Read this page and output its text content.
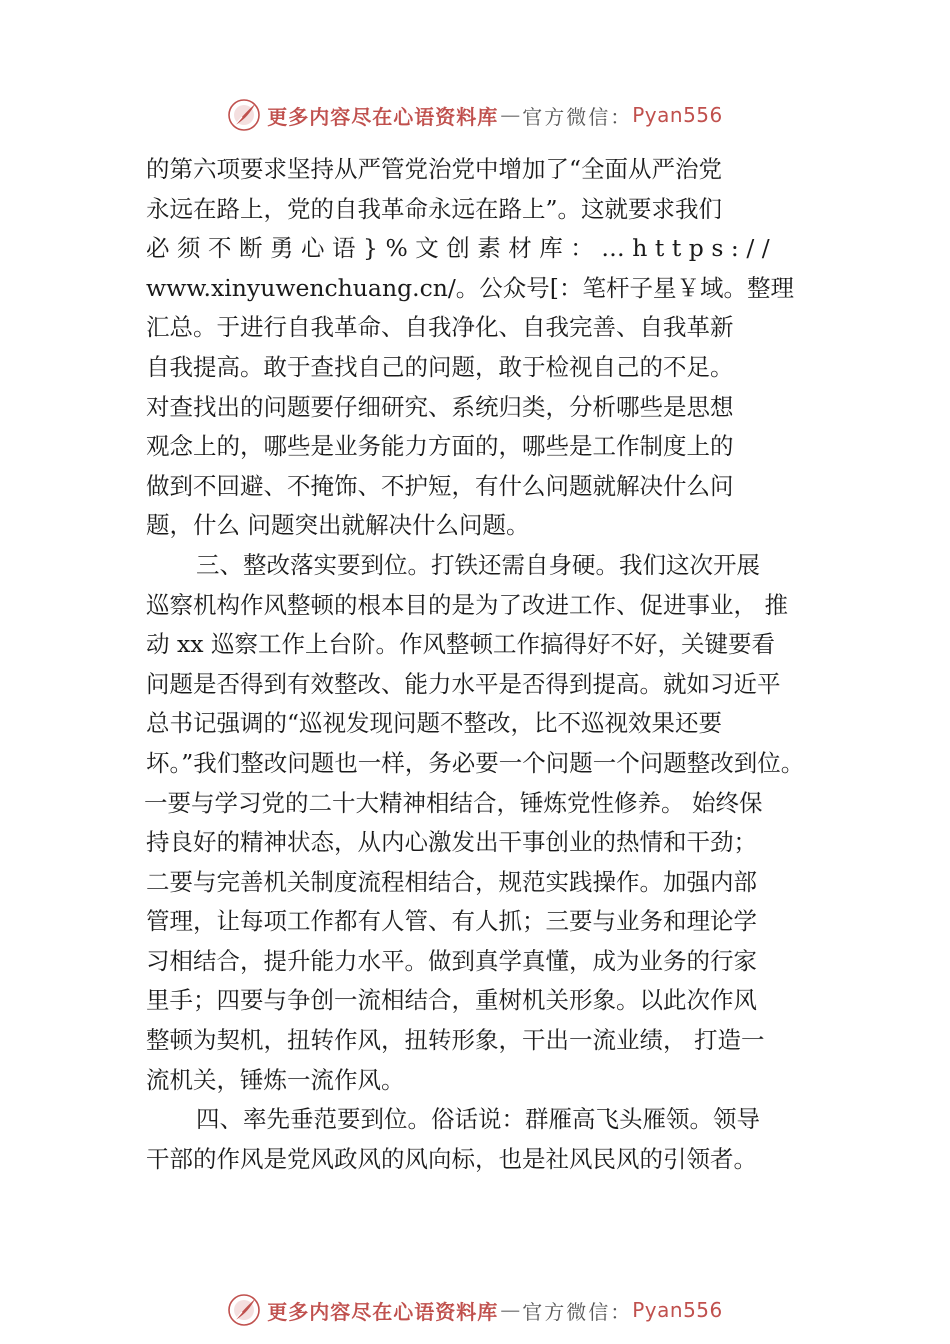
更多内容尽在心语资料库 — 官方微信： Pyan556
的第六项要求坚持从严管党治党中增加了“全面从严治党
永远在路上，党的自我革命永远在路上”。这就要求我们
必须不断勇心语}%文创素材库：…https://
www.xinyuwenchuang.cn/。公众号[：笔杆子星￥域。整理
汇总。于进行自我革命、自我净化、自我完善、自我革新
自我提高。敢于查找自己的问题，敢于检视自己的不足。
对查找出的问题要仔细研究、系统归类，分析哪些是思想
观念上的，哪些是业务能力方面的，哪些是工作制度上的
做到不回避、不掩饰、不护短，有什么问题就解决什么问
题，什么 问题突出就解决什么问题。
三、整改落实要到位。打铁还需自身硬。我们这次开展
巡察机构作风整顿的根本目的是为了改进工作、促进事业， 推
动 xx 巡察工作上台阶。作风整顿工作搞得好不好，关键要看
问题是否得到有效整改、能力水平是否得到提高。就如习近平
总书记强调的“巡视发现问题不整改，比不巡视效果还要
坏。”我们整改问题也一样，务必要一个问题一个问题整改到位。
一要与学习党的二十大精神相结合，锤炼党性修养。 始终保
持良好的精神状态，从内心激发出干事创业的热情和干劲；
二要与完善机关制度流程相结合，规范实践操作。加强内部
管理，让每项工作都有人管、有人抓；三要与业务和理论学
习相结合，提升能力水平。做到真学真懂，成为业务的行家
里手；四要与争创一流相结合，重树机关形象。以此次作风
整顿为契机，扭转作风，扭转形象，干出一流业绩， 打造一
流机关，锤炼一流作风。
四、率先垂范要到位。俗话说：群雁高飞头雁领。领导
干部的作风是党风政风的风向标，也是社风民风的引领者。
更多内容尽在心语资料库 — 官方微信： Pyan556
